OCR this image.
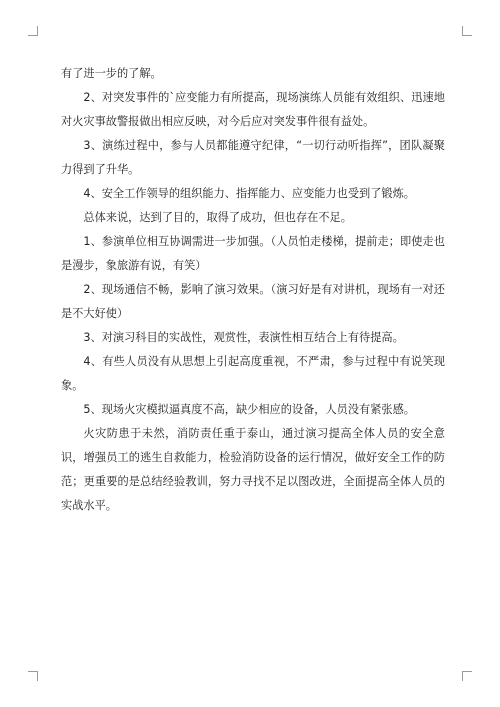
有了进一步的了解。

2、对突发事件的`应变能力有所提高，现场演练人员能有效组织、迅速地对火灾事故警报做出相应反映，对今后应对突发事件很有益处。

3、演练过程中，参与人员都能遵守纪律，“一切行动听指挥”，团队凝聚力得到了升华。

4、安全工作领导的组织能力、指挥能力、应变能力也受到了锻炼。

总体来说，达到了目的，取得了成功，但也存在不足。

1、参演单位相互协调需进一步加强。（人员怕走楼梯，提前走；即使走也是漫步，象旅游有说，有笑）

2、现场通信不畅，影响了演习效果。（演习好是有对讲机，现场有一对还是不大好使）

3、对演习科目的实战性，观赏性，表演性相互结合上有待提高。

4、有些人员没有从思想上引起高度重视，不严肃，参与过程中有说笑现象。

5、现场火灾模拟逼真度不高，缺少相应的设备，人员没有紧张感。

火灾防患于未然，消防责任重于泰山，通过演习提高全体人员的安全意识，增强员工的逃生自救能力，检验消防设备的运行情况，做好安全工作的防范；更重要的是总结经验教训，努力寻找不足以图改进，全面提高全体人员的实战水平。
